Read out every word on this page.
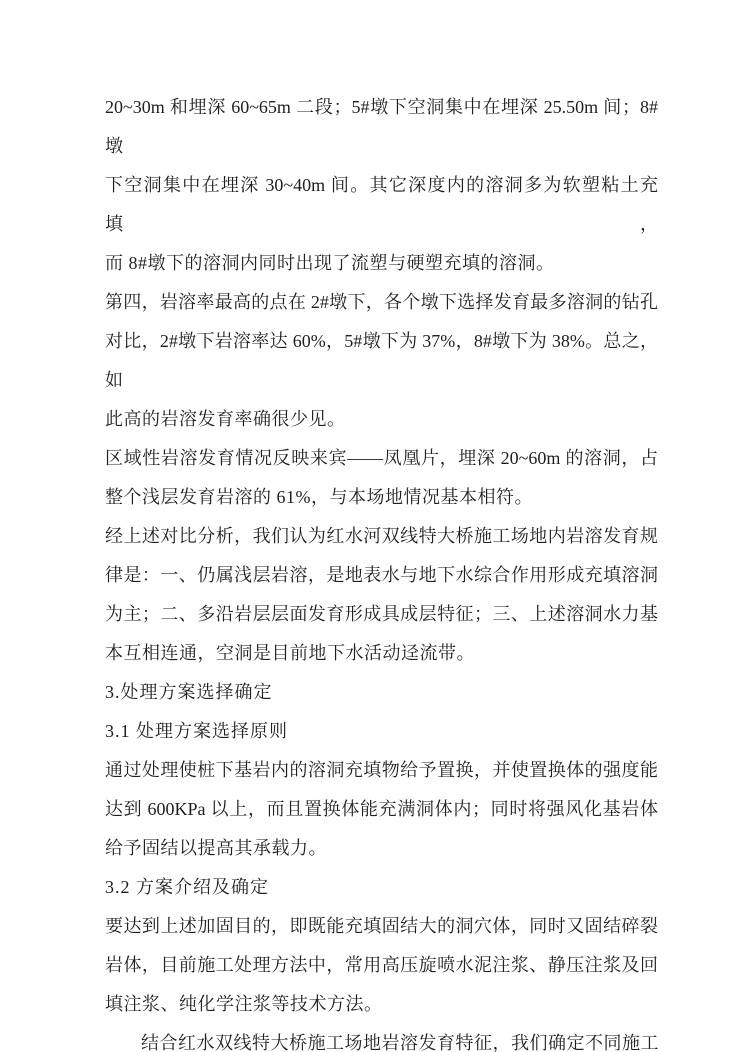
20~30m 和埋深 60~65m 二段；5#墩下空洞集中在埋深 25.50m 间；8#墩
下空洞集中在埋深 30~40m 间。其它深度内的溶洞多为软塑粘土充填，
而 8#墩下的溶洞内同时出现了流塑与硬塑充填的溶洞。
第四，岩溶率最高的点在 2#墩下，各个墩下选择发育最多溶洞的钻孔
对比，2#墩下岩溶率达 60%，5#墩下为 37%，8#墩下为 38%。总之，如
此高的岩溶发育率确很少见。
区域性岩溶发育情况反映来宾——凤凰片，埋深 20~60m 的溶洞，占
整个浅层发育岩溶的 61%，与本场地情况基本相符。
经上述对比分析，我们认为红水河双线特大桥施工场地内岩溶发育规
律是：一、仍属浅层岩溶，是地表水与地下水综合作用形成充填溶洞
为主；二、多沿岩层层面发育形成具成层特征；三、上述溶洞水力基
本互相连通，空洞是目前地下水活动迳流带。
3.处理方案选择确定
3.1 处理方案选择原则
通过处理使桩下基岩内的溶洞充填物给予置换，并使置换体的强度能
达到 600KPa 以上，而且置换体能充满洞体内；同时将强风化基岩体
给予固结以提高其承载力。
3.2 方案介绍及确定
要达到上述加固目的，即既能充填固结大的洞穴体，同时又固结碎裂
岩体，目前施工处理方法中，常用高压旋喷水泥注浆、静压注浆及回
填注浆、纯化学注浆等技术方法。
结合红水双线特大桥施工场地岩溶发育特征，我们确定不同施工
